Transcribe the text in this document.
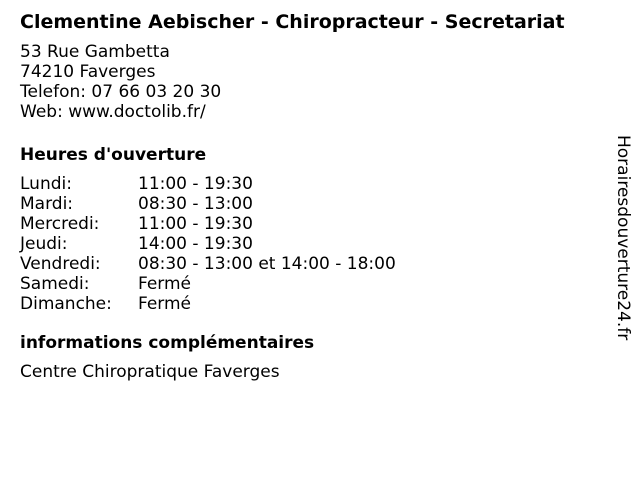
Clementine Aebischer - Chiropracteur - Secretariat
53 Rue Gambetta
74210 Faverges
Telefon: 07 66 03 20 30
Web: www.doctolib.fr/
Heures d'ouverture
Lundi:	11:00 - 19:30
Mardi:	08:30 - 13:00
Mercredi:	11:00 - 19:30
Jeudi:	14:00 - 19:30
Vendredi:	08:30 - 13:00 et 14:00 - 18:00
Samedi:	Fermé
Dimanche:	Fermé
informations complémentaires
Centre Chiropratique Faverges
Horairesdouverture24.fr
